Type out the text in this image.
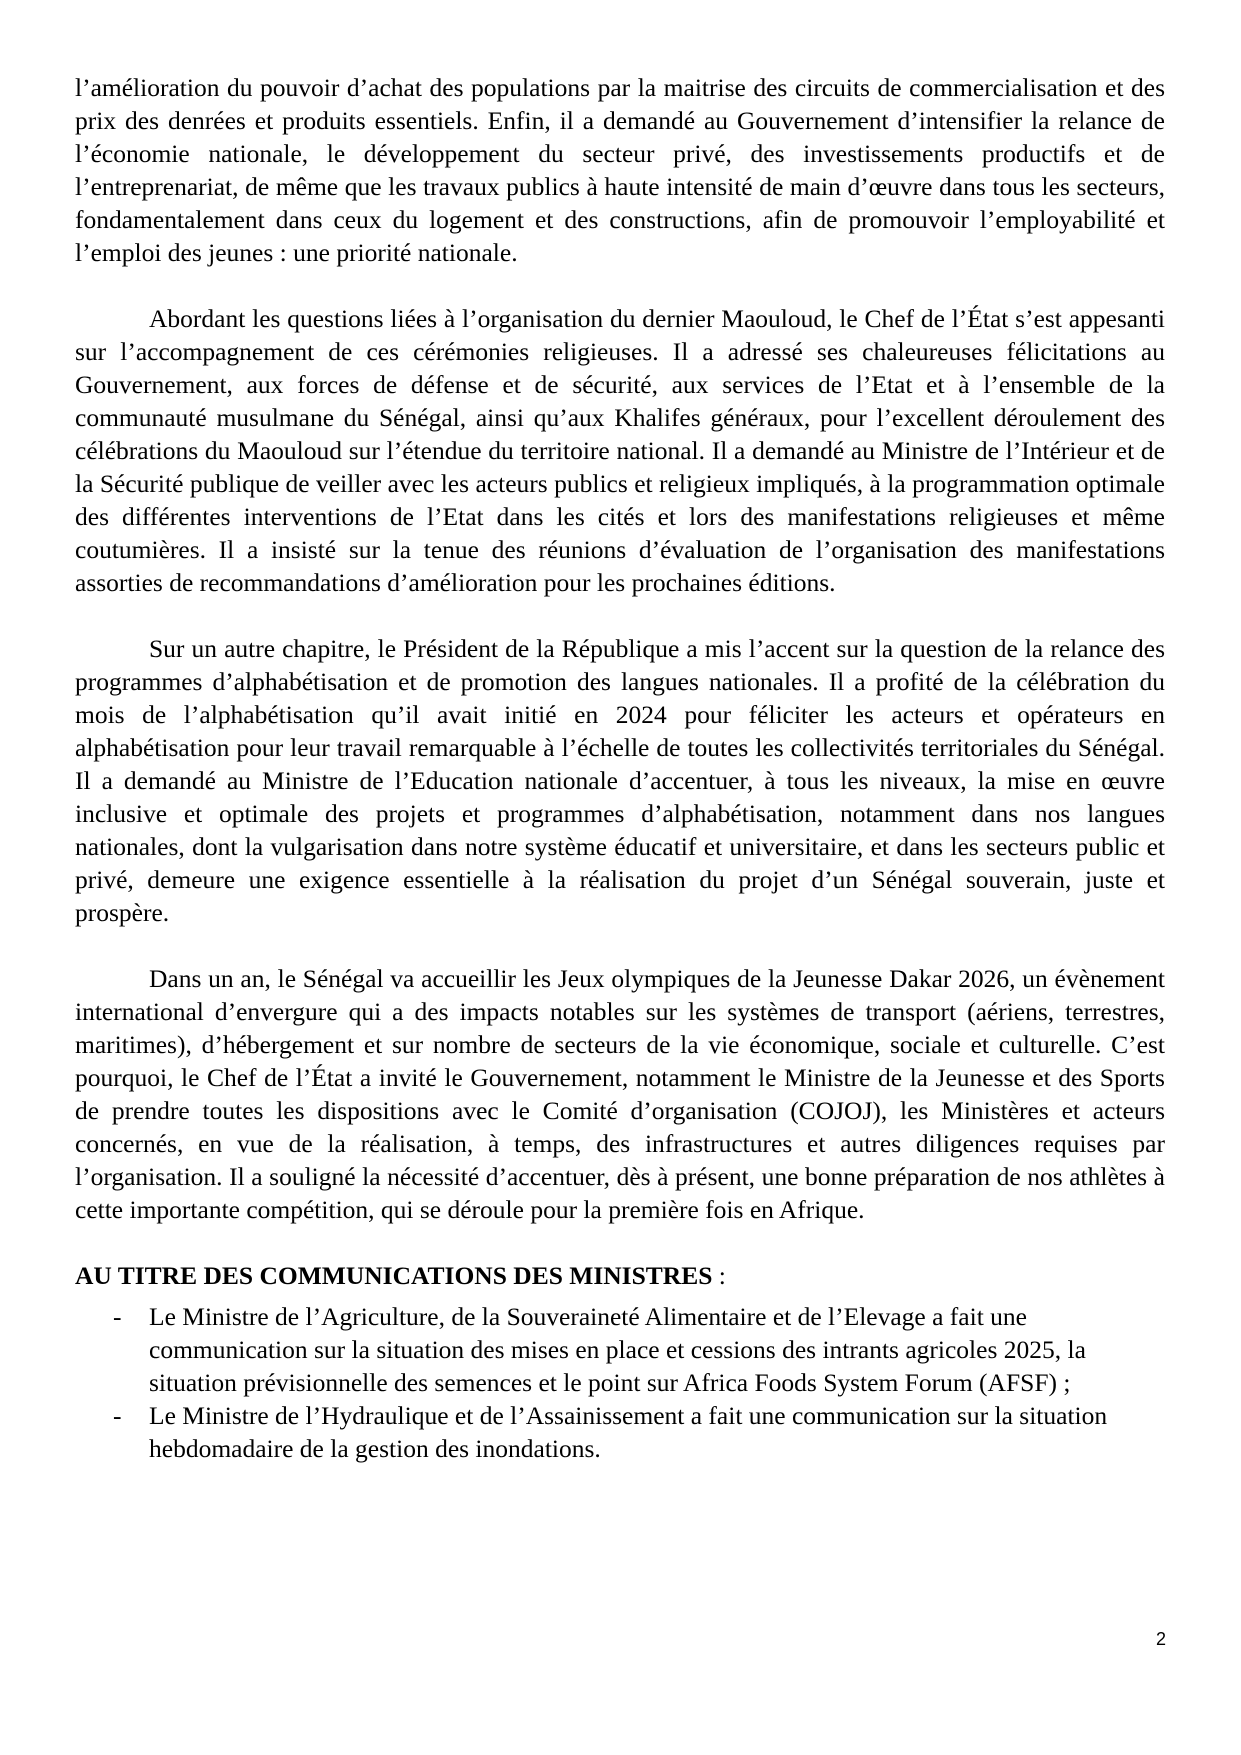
l’amélioration du pouvoir d’achat des populations par la maitrise des circuits de commercialisation et des prix des denrées et produits essentiels. Enfin, il a demandé au Gouvernement d’intensifier la relance de l’économie nationale, le développement du secteur privé, des investissements productifs et de l’entreprenariat, de même que les travaux publics à haute intensité de main d’œuvre dans tous les secteurs, fondamentalement dans ceux du logement et des constructions, afin de promouvoir l’employabilité et l’emploi des jeunes : une priorité nationale.

Abordant les questions liées à l’organisation du dernier Maouloud, le Chef de l’État s’est appesanti sur l’accompagnement de ces cérémonies religieuses. Il a adressé ses chaleureuses félicitations au Gouvernement, aux forces de défense et de sécurité, aux services de l’Etat et à l’ensemble de la communauté musulmane du Sénégal, ainsi qu’aux Khalifes généraux, pour l’excellent déroulement des célébrations du Maouloud sur l’étendue du territoire national. Il a demandé au Ministre de l’Intérieur et de la Sécurité publique de veiller avec les acteurs publics et religieux impliqués, à la programmation optimale des différentes interventions de l’Etat dans les cités et lors des manifestations religieuses et même coutumières. Il a insisté sur la tenue des réunions d’évaluation de l’organisation des manifestations assorties de recommandations d’amélioration pour les prochaines éditions.

Sur un autre chapitre, le Président de la République a mis l’accent sur la question de la relance des programmes d’alphabétisation et de promotion des langues nationales. Il a profité de la célébration du mois de l’alphabétisation qu’il avait initié en 2024 pour féliciter les acteurs et opérateurs en alphabétisation pour leur travail remarquable à l’échelle de toutes les collectivités territoriales du Sénégal. Il a demandé au Ministre de l’Education nationale d’accentuer, à tous les niveaux, la mise en œuvre inclusive et optimale des projets et programmes d’alphabétisation, notamment dans nos langues nationales, dont la vulgarisation dans notre système éducatif et universitaire, et dans les secteurs public et privé, demeure une exigence essentielle à la réalisation du projet d’un Sénégal souverain, juste et prospère.

Dans un an, le Sénégal va accueillir les Jeux olympiques de la Jeunesse Dakar 2026, un évènement international d’envergure qui a des impacts notables sur les systèmes de transport (aériens, terrestres, maritimes), d’hébergement et sur nombre de secteurs de la vie économique, sociale et culturelle. C’est pourquoi, le Chef de l’État a invité le Gouvernement, notamment le Ministre de la Jeunesse et des Sports de prendre toutes les dispositions avec le Comité d’organisation (COJOJ), les Ministères et acteurs concernés, en vue de la réalisation, à temps, des infrastructures et autres diligences requises par l’organisation. Il a souligné la nécessité d’accentuer, dès à présent, une bonne préparation de nos athlètes à cette importante compétition, qui se déroule pour la première fois en Afrique.

AU TITRE DES COMMUNICATIONS DES MINISTRES :

- Le Ministre de l’Agriculture, de la Souveraineté Alimentaire et de l’Elevage a fait une communication sur la situation des mises en place et cessions des intrants agricoles 2025, la situation prévisionnelle des semences et le point sur Africa Foods System Forum (AFSF) ;
- Le Ministre de l’Hydraulique et de l’Assainissement a fait une communication sur la situation hebdomadaire de la gestion des inondations.
2
